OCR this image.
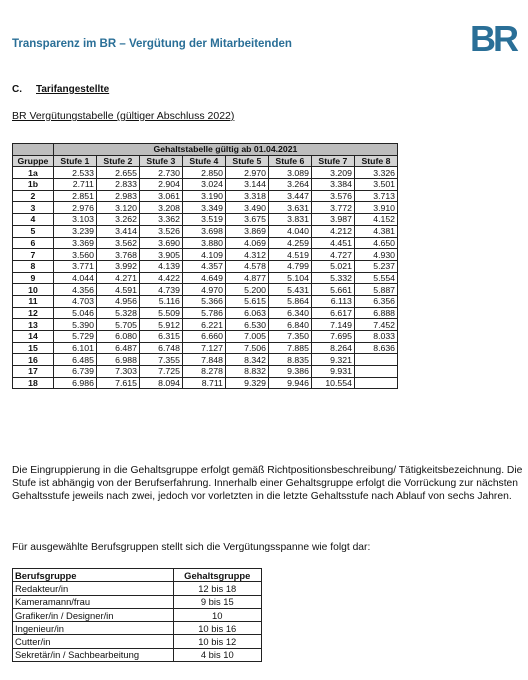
Transparenz im BR – Vergütung der Mitarbeitenden	BR
C. Tarifangestellte
BR Vergütungstabelle (gültiger Abschluss 2022)
	Gehaltstabelle gültig ab 01.04.2021							
Gruppe	Stufe 1	Stufe 2	Stufe 3	Stufe 4	Stufe 5	Stufe 6	Stufe 7	Stufe 8
1a	2.533	2.655	2.730	2.850	2.970	3.089	3.209	3.326
1b	2.711	2.833	2.904	3.024	3.144	3.264	3.384	3.501
2	2.851	2.983	3.061	3.190	3.318	3.447	3.576	3.713
3	2.976	3.120	3.208	3.349	3.490	3.631	3.772	3.910
4	3.103	3.262	3.362	3.519	3.675	3.831	3.987	4.152
5	3.239	3.414	3.526	3.698	3.869	4.040	4.212	4.381
6	3.369	3.562	3.690	3.880	4.069	4.259	4.451	4.650
7	3.560	3.768	3.905	4.109	4.312	4.519	4.727	4.930
8	3.771	3.992	4.139	4.357	4.578	4.799	5.021	5.237
9	4.044	4.271	4.422	4.649	4.877	5.104	5.332	5.554
10	4.356	4.591	4.739	4.970	5.200	5.431	5.661	5.887
11	4.703	4.956	5.116	5.366	5.615	5.864	6.113	6.356
12	5.046	5.328	5.509	5.786	6.063	6.340	6.617	6.888
13	5.390	5.705	5.912	6.221	6.530	6.840	7.149	7.452
14	5.729	6.080	6.315	6.660	7.005	7.350	7.695	8.033
15	6.101	6.487	6.748	7.127	7.506	7.885	8.264	8.636
16	6.485	6.988	7.355	7.848	8.342	8.835	9.321	
17	6.739	7.303	7.725	8.278	8.832	9.386	9.931	
18	6.986	7.615	8.094	8.711	9.329	9.946	10.554	
Die Eingruppierung in die Gehaltsgruppe erfolgt gemäß Richtpositionsbeschreibung/ Tätigkeitsbezeichnung. Die Stufe ist abhängig von der Berufserfahrung. Innerhalb einer Gehaltsgruppe erfolgt die Vorrückung zur nächsten Gehaltsstufe jeweils nach zwei, jedoch vor vorletzten in die letzte Gehaltsstufe nach Ablauf von sechs Jahren.
Für ausgewählte Berufsgruppen stellt sich die Vergütungsspanne wie folgt dar:
Berufsgruppe	Gehaltsgruppe
Redakteur/in	12 bis 18
Kameramann/frau	9 bis 15
Grafiker/in / Designer/in	10
Ingenieur/in	10 bis 16
Cutter/in	10 bis 12
Sekretär/in / Sachbearbeitung	4 bis 10
